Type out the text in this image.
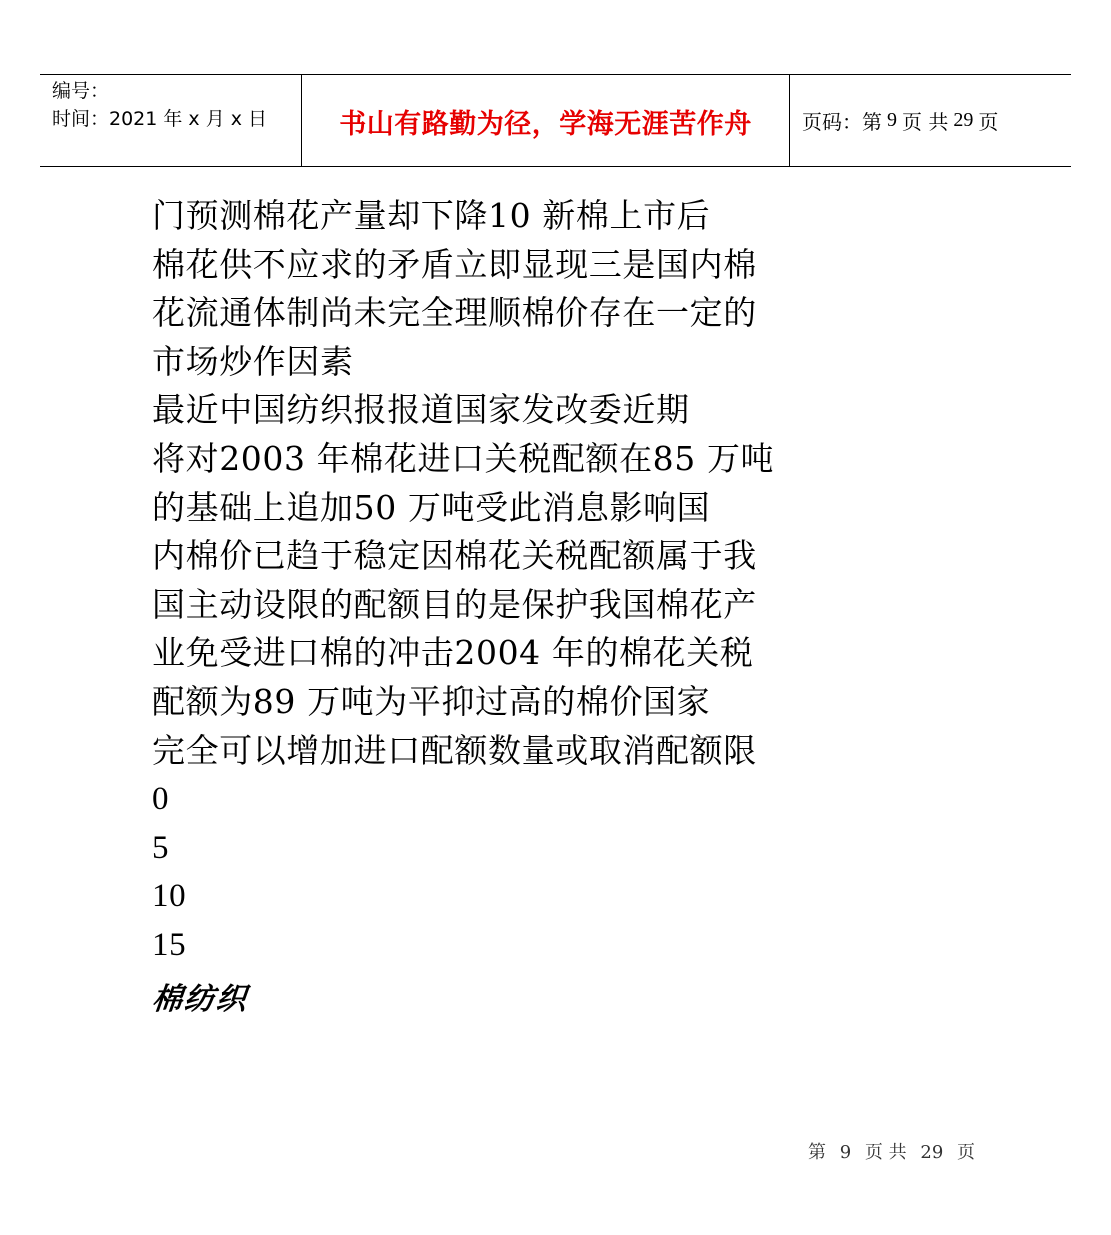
编号：
时间：2021 年 x 月 x 日	书山有路勤为径，学海无涯苦作舟	页码：第 9 页 共 29 页
门预测棉花产量却下降10 新棉上市后
棉花供不应求的矛盾立即显现三是国内棉
花流通体制尚未完全理顺棉价存在一定的
市场炒作因素
最近中国纺织报报道国家发改委近期
将对2003 年棉花进口关税配额在85 万吨
的基础上追加50 万吨受此消息影响国
内棉价已趋于稳定因棉花关税配额属于我
国主动设限的配额目的是保护我国棉花产
业免受进口棉的冲击2004 年的棉花关税
配额为89 万吨为平抑过高的棉价国家
完全可以增加进口配额数量或取消配额限
0
5
10
15
棉纺织
第 9 页 共 29 页
